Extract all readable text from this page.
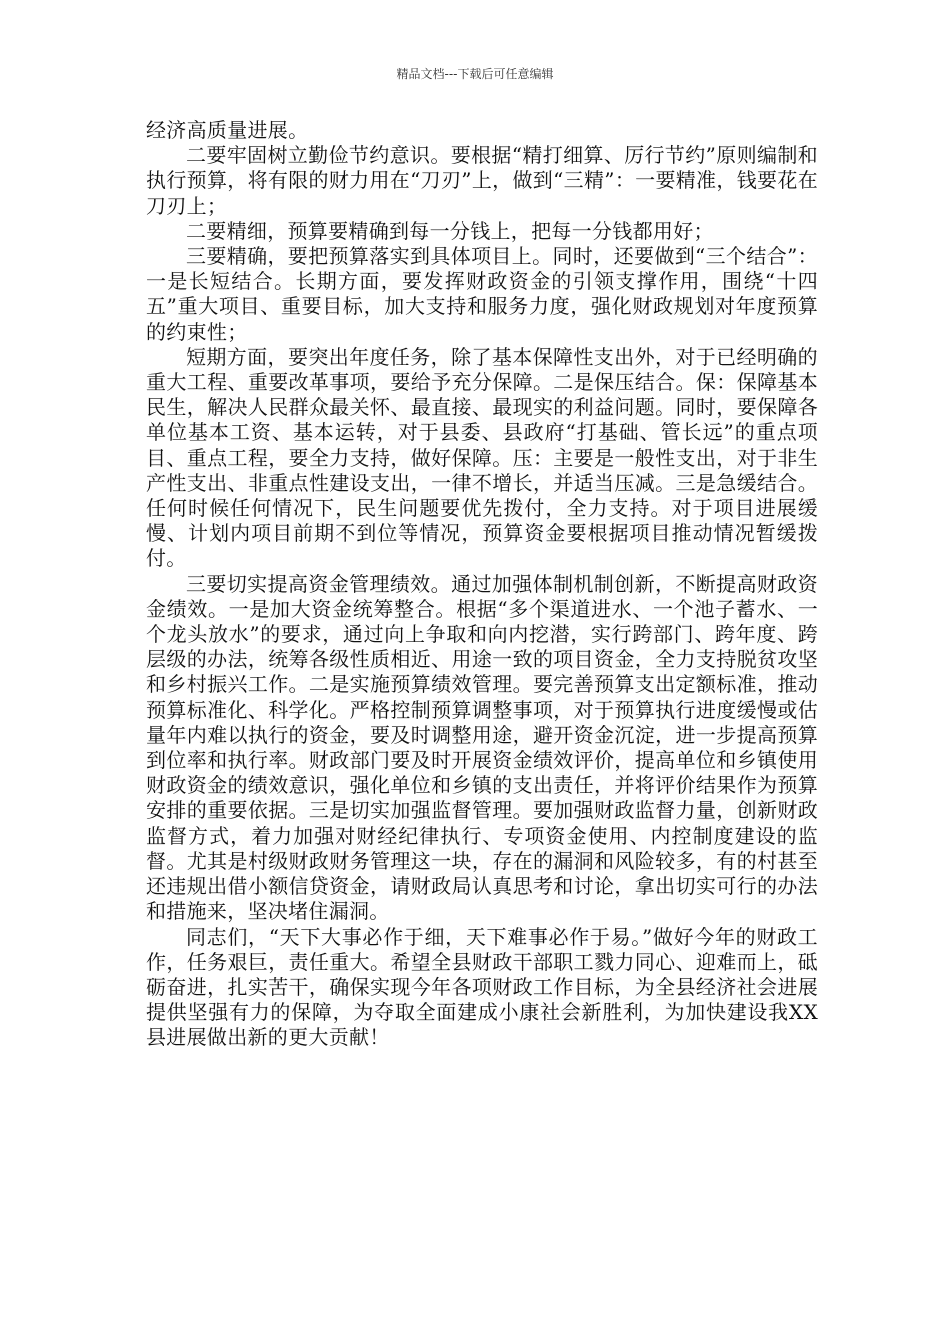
精品文档---下载后可任意编辑

经济高质量进展。

二要牢固树立勤俭节约意识。要根据“精打细算、厉行节约”原则编制和执行预算，将有限的财力用在“刀刃”上，做到“三精”：一要精准，钱要花在刀刃上；

二要精细，预算要精确到每一分钱上，把每一分钱都用好；

三要精确，要把预算落实到具体项目上。同时，还要做到“三个结合”：一是长短结合。长期方面，要发挥财政资金的引领支撑作用，围绕“十四五”重大项目、重要目标，加大支持和服务力度，强化财政规划对年度预算的约束性；

短期方面，要突出年度任务，除了基本保障性支出外，对于已经明确的重大工程、重要改革事项，要给予充分保障。二是保压结合。保：保障基本民生，解决人民群众最关怀、最直接、最现实的利益问题。同时，要保障各单位基本工资、基本运转，对于县委、县政府“打基础、管长远”的重点项目、重点工程，要全力支持，做好保障。压：主要是一般性支出，对于非生产性支出、非重点性建设支出，一律不增长，并适当压减。三是急缓结合。任何时候任何情况下，民生问题要优先拨付，全力支持。对于项目进展缓慢、计划内项目前期不到位等情况，预算资金要根据项目推动情况暂缓拨付。

三要切实提高资金管理绩效。通过加强体制机制创新，不断提高财政资金绩效。一是加大资金统筹整合。根据“多个渠道进水、一个池子蓄水、一个龙头放水”的要求，通过向上争取和向内挖潜，实行跨部门、跨年度、跨层级的办法，统筹各级性质相近、用途一致的项目资金，全力支持脱贫攻坚和乡村振兴工作。二是实施预算绩效管理。要完善预算支出定额标准，推动预算标准化、科学化。严格控制预算调整事项，对于预算执行进度缓慢或估量年内难以执行的资金，要及时调整用途，避开资金沉淀，进一步提高预算到位率和执行率。财政部门要及时开展资金绩效评价，提高单位和乡镇使用财政资金的绩效意识，强化单位和乡镇的支出责任，并将评价结果作为预算安排的重要依据。三是切实加强监督管理。要加强财政监督力量，创新财政监督方式，着力加强对财经纪律执行、专项资金使用、内控制度建设的监督。尤其是村级财政财务管理这一块，存在的漏洞和风险较多，有的村甚至还违规出借小额信贷资金，请财政局认真思考和讨论，拿出切实可行的办法和措施来，坚决堵住漏洞。

同志们，“天下大事必作于细，天下难事必作于易。”做好今年的财政工作，任务艰巨，责任重大。希望全县财政干部职工戮力同心、迎难而上，砥砺奋进，扎实苦干，确保实现今年各项财政工作目标，为全县经济社会进展提供坚强有力的保障，为夺取全面建成小康社会新胜利，为加快建设我XX县进展做出新的更大贡献！
